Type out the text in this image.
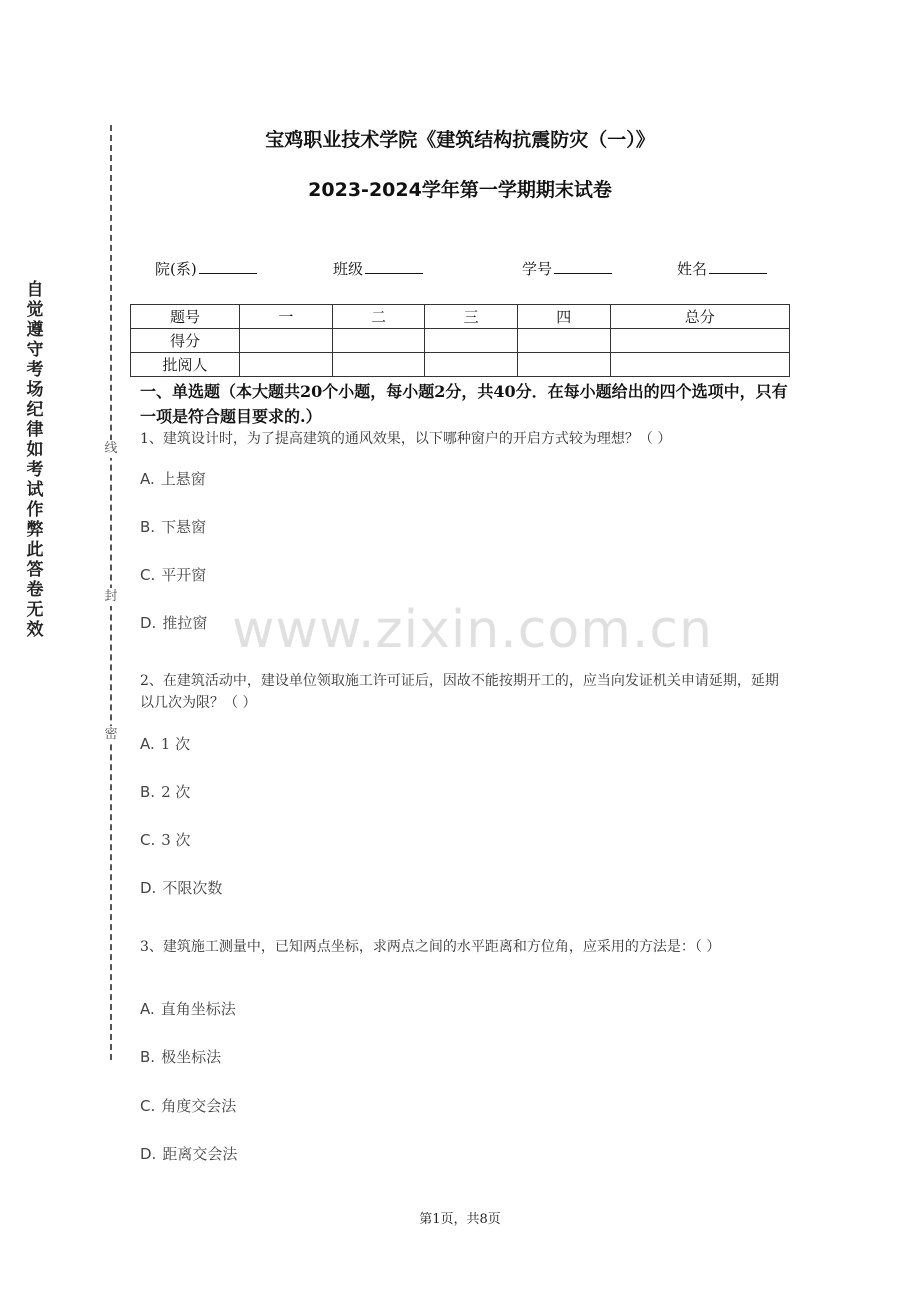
自觉遵守考场纪律如考试作弊此答卷无效
线
封
密
宝鸡职业技术学院《建筑结构抗震防灾（一）》
2023-2024学年第一学期期末试卷
院(系)	班级	学号	姓名
题号	一	二	三	四	总分
得分					
批阅人					
一、单选题（本大题共20个小题，每小题2分，共40分．在每小题给出的四个选项中，只有一项是符合题目要求的.）
1、建筑设计时，为了提高建筑的通风效果，以下哪种窗户的开启方式较为理想？（ ）
A. 上悬窗
B. 下悬窗
C. 平开窗
D. 推拉窗
2、在建筑活动中，建设单位领取施工许可证后，因故不能按期开工的，应当向发证机关申请延期，延期以几次为限？（ ）
A. 1 次
B. 2 次
C. 3 次
D. 不限次数
3、建筑施工测量中，已知两点坐标，求两点之间的水平距离和方位角，应采用的方法是：（ ）
A. 直角坐标法
B. 极坐标法
C. 角度交会法
D. 距离交会法
www.zixin.com.cn
第1页，共8页
